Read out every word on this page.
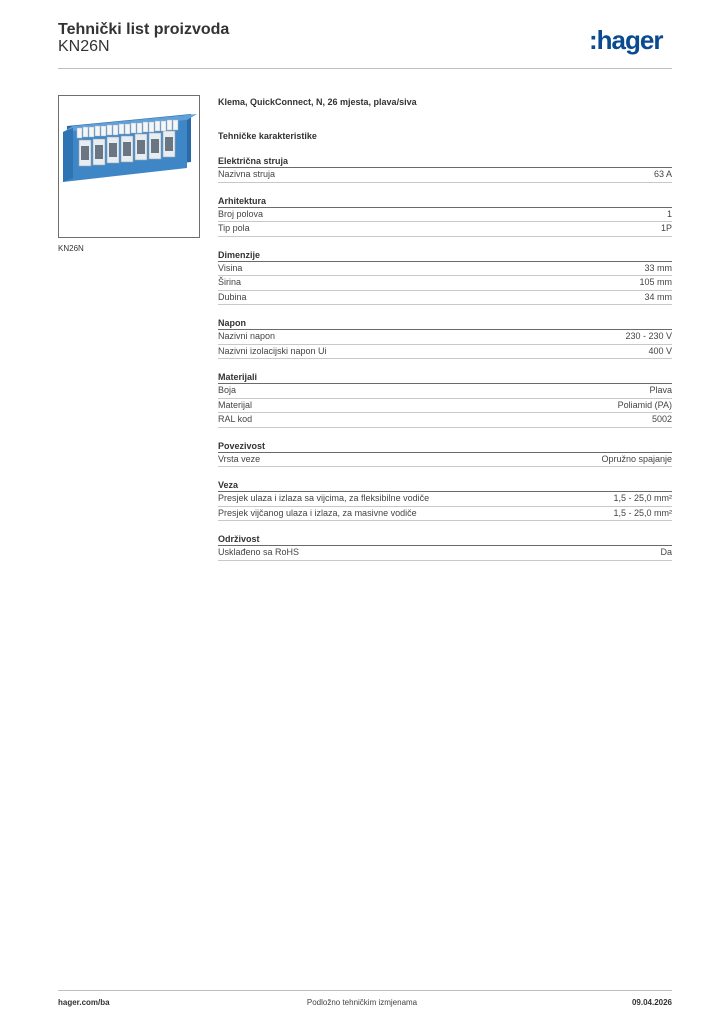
Tehnički list proizvoda
KN26N	:hager
KN26N
Klema, QuickConnect, N, 26 mjesta, plava/siva
Tehničke karakteristike
Električna struja
Nazivna struja	63 A
Arhitektura
Broj polova	1
Tip pola	1P
Dimenzije
Visina	33 mm
Širina	105 mm
Dubina	34 mm
Napon
Nazivni napon	230 - 230 V
Nazivni izolacijski napon Ui	400 V
Materijali
Boja	Plava
Materijal	Poliamid (PA)
RAL kod	5002
Povezivost
Vrsta veze	Opružno spajanje
Veza
Presjek ulaza i izlaza sa vijcima, za fleksibilne vodiče	1,5 - 25,0 mm²
Presjek vijčanog ulaza i izlaza, za masivne vodiče	1,5 - 25,0 mm²
Održivost
Usklađeno sa RoHS	Da
hager.com/ba	Podložno tehničkim izmjenama	09.04.2026
